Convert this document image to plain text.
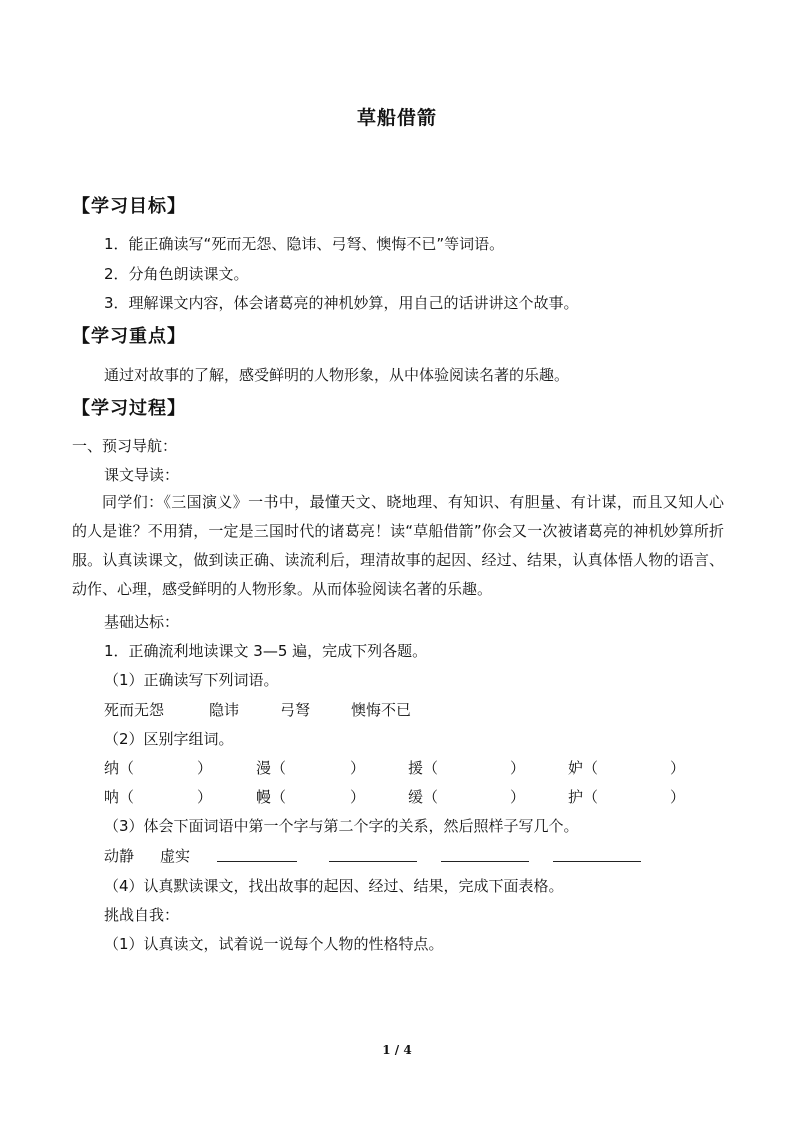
草船借箭
【学习目标】
1．能正确读写“死而无怨、隐讳、弓弩、懊悔不已”等词语。
2．分角色朗读课文。
3．理解课文内容，体会诸葛亮的神机妙算，用自己的话讲讲这个故事。
【学习重点】
通过对故事的了解，感受鲜明的人物形象，从中体验阅读名著的乐趣。
【学习过程】
一、预习导航：
课文导读：
同学们：《三国演义》一书中，最懂天文、晓地理、有知识、有胆量、有计谋，而且又知人心的人是谁？不用猜，一定是三国时代的诸葛亮！读“草船借箭”你会又一次被诸葛亮的神机妙算所折服。认真读课文，做到读正确、读流利后，理清故事的起因、经过、结果，认真体悟人物的语言、动作、心理，感受鲜明的人物形象。从而体验阅读名著的乐趣。
基础达标：
1．正确流利地读课文 3—5 遍，完成下列各题。
（1）正确读写下列词语。
死而无怨	隐讳	弓弩	懊悔不已
（2）区别字组词。
纳（	）	漫（	）	援（	）	妒（	）
呐（	）	幔（	）	缓（	）	护（	）
（3）体会下面词语中第一个字与第二个字的关系，然后照样子写几个。
动静 虚实
（4）认真默读课文，找出故事的起因、经过、结果，完成下面表格。
挑战自我：
（1）认真读文，试着说一说每个人物的性格特点。
1 / 4
